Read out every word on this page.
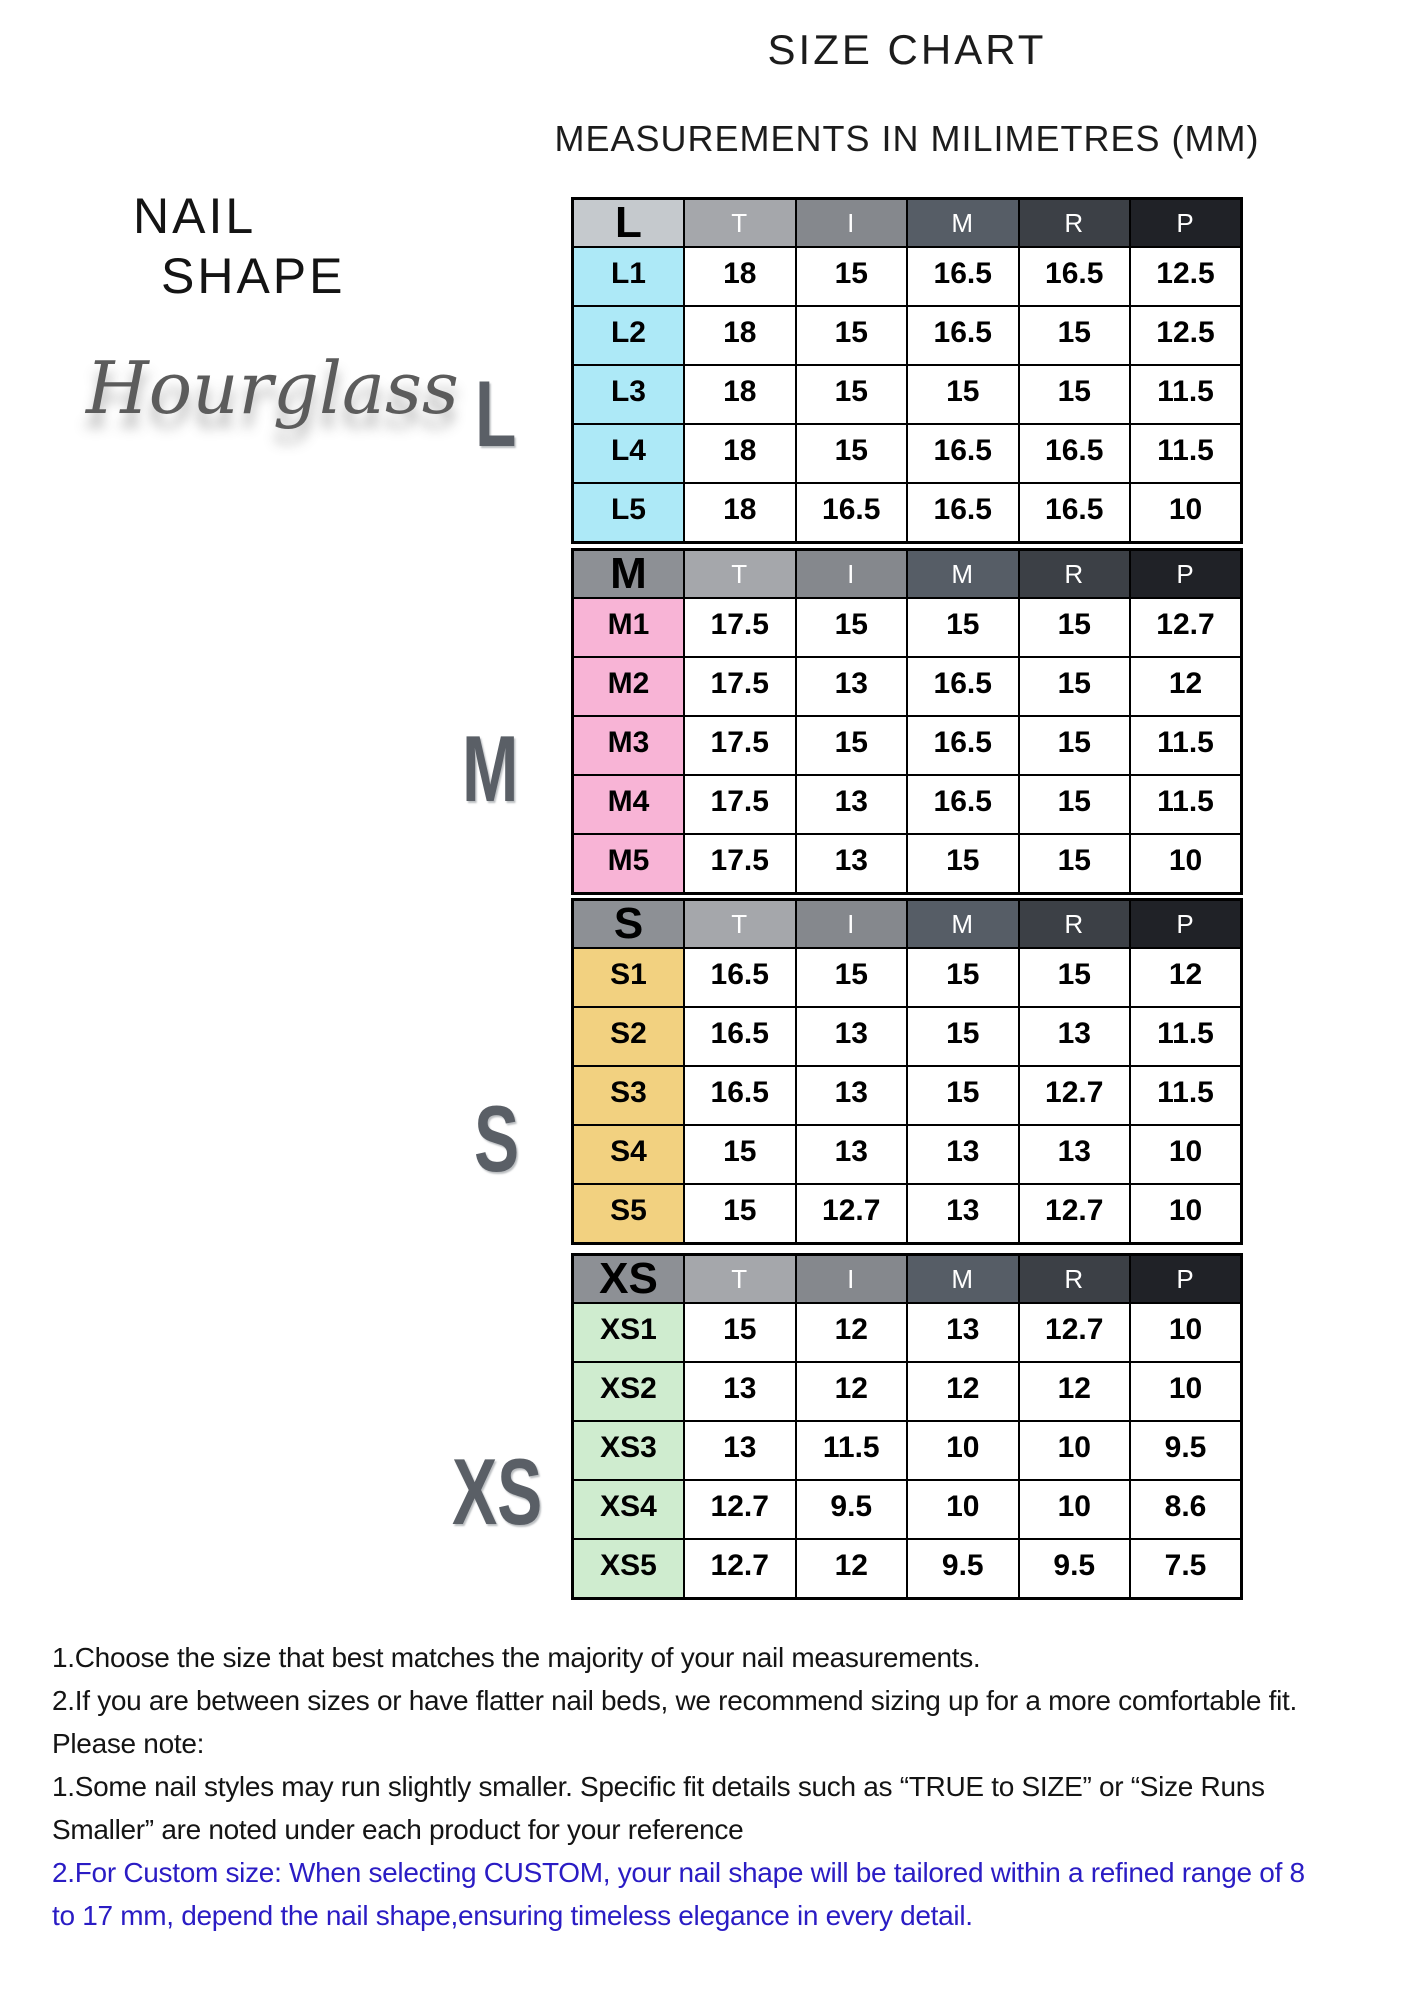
SIZE CHART
MEASUREMENTS IN MILIMETRES (MM)
NAIL
SHAPE
Hourglass L
L	T	I	M	R	P
L1	18	15	16.5	16.5	12.5
L2	18	15	16.5	15	12.5
L3	18	15	15	15	11.5
L4	18	15	16.5	16.5	11.5
L5	18	16.5	16.5	16.5	10
M
M	T	I	M	R	P
M1	17.5	15	15	15	12.7
M2	17.5	13	16.5	15	12
M3	17.5	15	16.5	15	11.5
M4	17.5	13	16.5	15	11.5
M5	17.5	13	15	15	10
S
S	T	I	M	R	P
S1	16.5	15	15	15	12
S2	16.5	13	15	13	11.5
S3	16.5	13	15	12.7	11.5
S4	15	13	13	13	10
S5	15	12.7	13	12.7	10
XS
XS	T	I	M	R	P
XS1	15	12	13	12.7	10
XS2	13	12	12	12	10
XS3	13	11.5	10	10	9.5
XS4	12.7	9.5	10	10	8.6
XS5	12.7	12	9.5	9.5	7.5
1.Choose the size that best matches the majority of your nail measurements.
2.If you are between sizes or have flatter nail beds, we recommend sizing up for a more comfortable fit.
Please note:
1.Some nail styles may run slightly smaller. Specific fit details such as “TRUE to SIZE” or “Size Runs
Smaller” are noted under each product for your reference
2.For Custom size: When selecting CUSTOM, your nail shape will be tailored within a refined range of 8
to 17 mm, depend the nail shape,ensuring timeless elegance in every detail.
